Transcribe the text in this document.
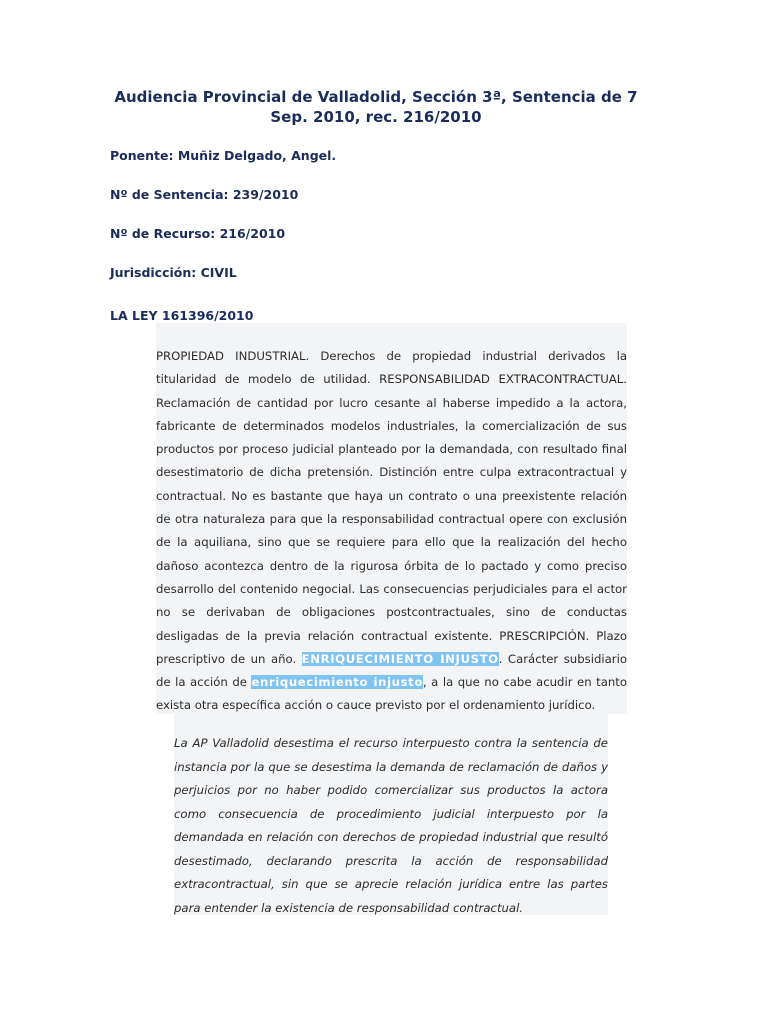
Audiencia Provincial de Valladolid, Sección 3ª, Sentencia de 7 Sep. 2010, rec. 216/2010

Ponente: Muñiz Delgado, Angel.

Nº de Sentencia: 239/2010

Nº de Recurso: 216/2010

Jurisdicción: CIVIL

LA LEY 161396/2010

PROPIEDAD INDUSTRIAL. Derechos de propiedad industrial derivados la titularidad de modelo de utilidad. RESPONSABILIDAD EXTRACONTRACTUAL. Reclamación de cantidad por lucro cesante al haberse impedido a la actora, fabricante de determinados modelos industriales, la comercialización de sus productos por proceso judicial planteado por la demandada, con resultado final desestimatorio de dicha pretensión. Distinción entre culpa extracontractual y contractual. No es bastante que haya un contrato o una preexistente relación de otra naturaleza para que la responsabilidad contractual opere con exclusión de la aquiliana, sino que se requiere para ello que la realización del hecho dañoso acontezca dentro de la rigurosa órbita de lo pactado y como preciso desarrollo del contenido negocial. Las consecuencias perjudiciales para el actor no se derivaban de obligaciones postcontractuales, sino de conductas desligadas de la previa relación contractual existente. PRESCRIPCIÓN. Plazo prescriptivo de un año. ENRIQUECIMIENTO INJUSTO. Carácter subsidiario de la acción de enriquecimiento injusto, a la que no cabe acudir en tanto exista otra específica acción o cauce previsto por el ordenamiento jurídico.

La AP Valladolid desestima el recurso interpuesto contra la sentencia de instancia por la que se desestima la demanda de reclamación de daños y perjuicios por no haber podido comercializar sus productos la actora como consecuencia de procedimiento judicial interpuesto por la demandada en relación con derechos de propiedad industrial que resultó desestimado, declarando prescrita la acción de responsabilidad extracontractual, sin que se aprecie relación jurídica entre las partes para entender la existencia de responsabilidad contractual.
